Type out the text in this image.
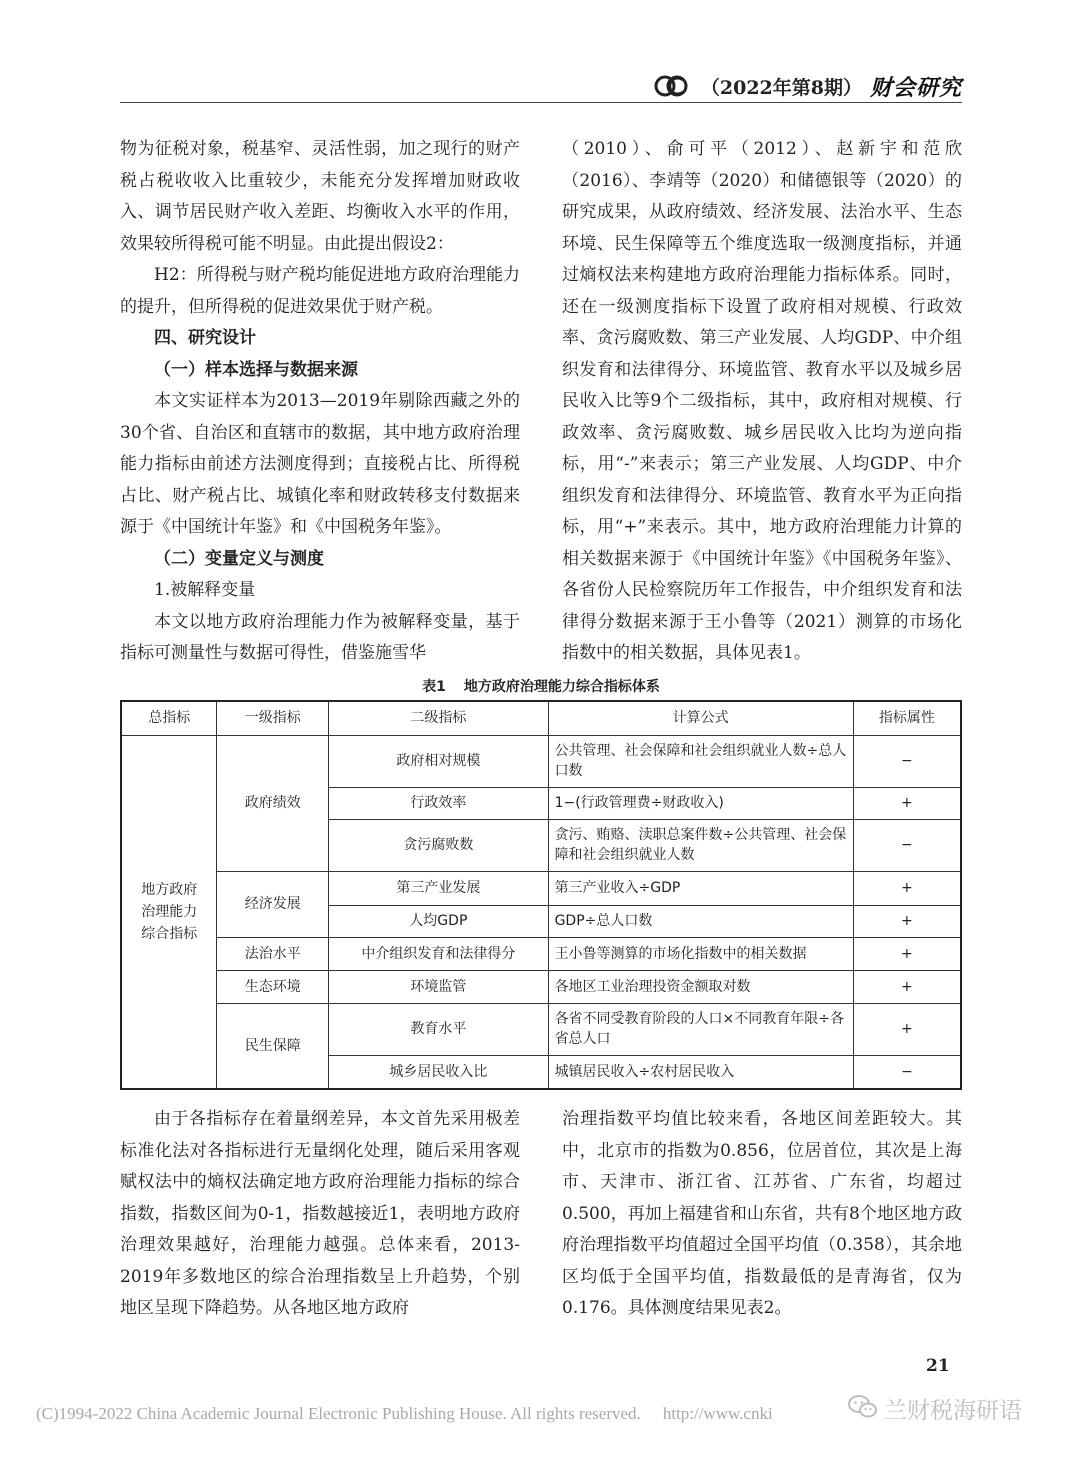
（2022年第8期） 财会研究

物为征税对象，税基窄、灵活性弱，加之现行的财产税占税收收入比重较少，未能充分发挥增加财政收入、调节居民财产收入差距、均衡收入水平的作用，效果较所得税可能不明显。由此提出假设2：

H2：所得税与财产税均能促进地方政府治理能力的提升，但所得税的促进效果优于财产税。

四、研究设计

（一）样本选择与数据来源

本文实证样本为2013—2019年剔除西藏之外的30个省、自治区和直辖市的数据，其中地方政府治理能力指标由前述方法测度得到；直接税占比、所得税占比、财产税占比、城镇化率和财政转移支付数据来源于《中国统计年鉴》和《中国税务年鉴》。

（二）变量定义与测度

1.被解释变量

本文以地方政府治理能力作为被解释变量，基于指标可测量性与数据可得性，借鉴施雪华

（2010）、俞可平（2012）、赵新宇和范欣（2016）、李靖等（2020）和储德银等（2020）的研究成果，从政府绩效、经济发展、法治水平、生态环境、民生保障等五个维度选取一级测度指标，并通过熵权法来构建地方政府治理能力指标体系。同时，还在一级测度指标下设置了政府相对规模、行政效率、贪污腐败数、第三产业发展、人均GDP、中介组织发育和法律得分、环境监管、教育水平以及城乡居民收入比等9个二级指标，其中，政府相对规模、行政效率、贪污腐败数、城乡居民收入比均为逆向指标，用“-”来表示；第三产业发展、人均GDP、中介组织发育和法律得分、环境监管、教育水平为正向指标，用“+”来表示。其中，地方政府治理能力计算的相关数据来源于《中国统计年鉴》《中国税务年鉴》、各省份人民检察院历年工作报告，中介组织发育和法律得分数据来源于王小鲁等（2021）测算的市场化指数中的相关数据，具体见表1。

表1 地方政府治理能力综合指标体系
总指标	一级指标	二级指标	计算公式	指标属性

地方政府治理能力综合指标	政府绩效	政府相对规模	公共管理、社会保障和社会组织就业人数÷总人口数	−
		行政效率	1−(行政管理费÷财政收入)	+
		贪污腐败数	贪污、贿赂、渎职总案件数÷公共管理、社会保障和社会组织就业人数	−
	经济发展	第三产业发展	第三产业收入÷GDP	+
		人均GDP	GDP÷总人口数	+
	法治水平	中介组织发育和法律得分	王小鲁等测算的市场化指数中的相关数据	+
	生态环境	环境监管	各地区工业治理投资金额取对数	+
	民生保障	教育水平	各省不同受教育阶段的人口×不同教育年限÷各省总人口	+
		城乡居民收入比	城镇居民收入÷农村居民收入	−

由于各指标存在着量纲差异，本文首先采用极差标准化法对各指标进行无量纲化处理，随后采用客观赋权法中的熵权法确定地方政府治理能力指标的综合指数，指数区间为0-1，指数越接近1，表明地方政府治理效果越好，治理能力越强。总体来看，2013-2019年多数地区的综合治理指数呈上升趋势，个别地区呈现下降趋势。从各地区地方政府

治理指数平均值比较来看，各地区间差距较大。其中，北京市的指数为0.856，位居首位，其次是上海市、天津市、浙江省、江苏省、广东省，均超过0.500，再加上福建省和山东省，共有8个地区地方政府治理指数平均值超过全国平均值（0.358），其余地区均低于全国平均值，指数最低的是青海省，仅为0.176。具体测度结果见表2。

21
(C)1994-2022 China Academic Journal Electronic Publishing House. All rights reserved. http://www.cnki	兰财税海研语
